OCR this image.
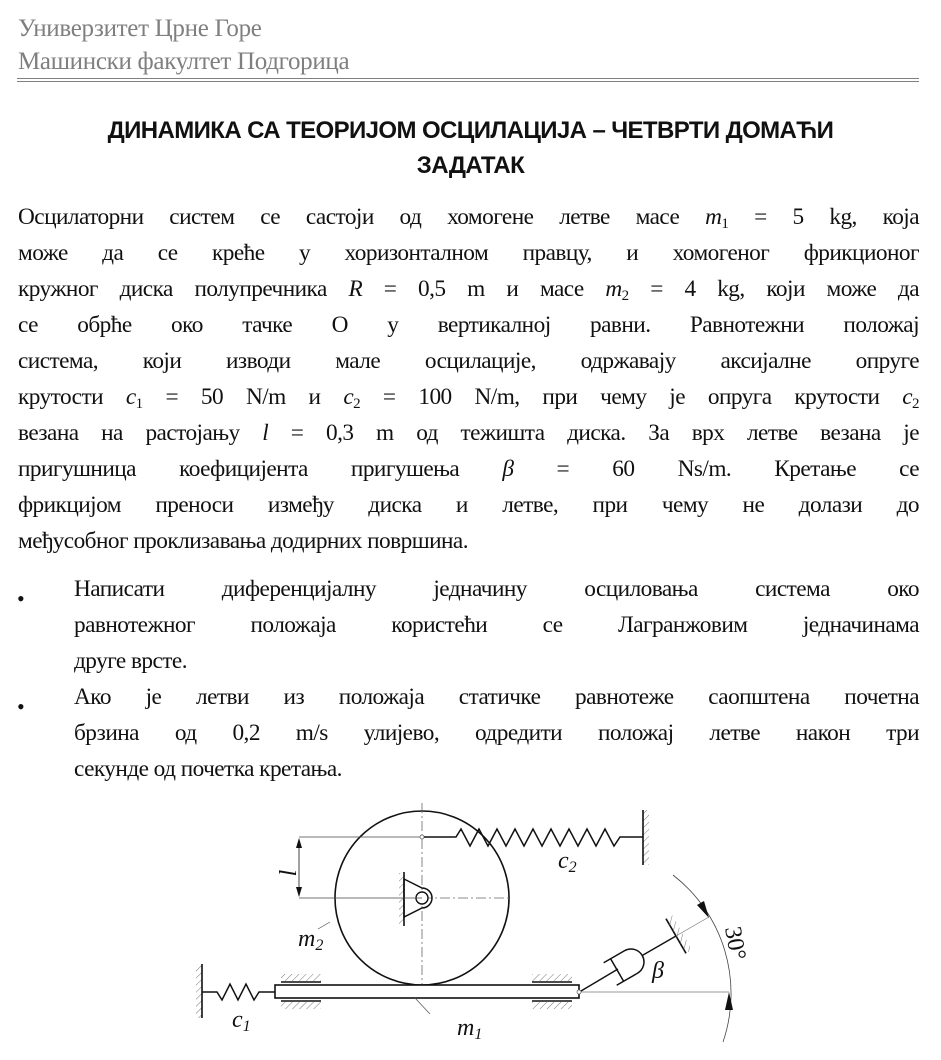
Универзитет Црне Горе
Машински факултет Подгорица
ДИНАМИКА СА ТЕОРИЈОМ ОСЦИЛАЦИЈА – ЧЕТВРТИ ДОМАЋИ
ЗАДАТАК
Осцилаторни систем се састоји од хомогене летве масе $m_1 = 5$ kg, која
може да се креће у хоризонталном правцу, и хомогеног фрикционог
кружног диска полупречника R = 0,5 m и масе $m_2 = 4$ kg, који може да
се обрће око тачке O у вертикалној равни. Равнотежни положај
система, који изводи мале осцилације, одржавају аксијалне опруге
крутости $c_1 = 50$ N/m и $c_2 = 100$ N/m, при чему је опруга крутости $c_2$
везана на растојању l = 0,3 m од тежишта диска. За врх летве везана је
пригушница коефицијента пригушења β = 60 Ns/m. Кретање се
фрикцијом преноси између диска и летве, при чему не долази до
међусобног проклизавања додирних површина.
• Написати диференцијалну једначину осциловања система око
равнотежног положаја користећи се Лагранжовим једначинама
друге врсте.
• Ако је летви из положаја статичке равнотеже саопштена почетна
брзина од 0,2 m/s улијево, одредити положај летве након три
секунде од почетка кретања.
l	c2
m2
m1
c1
β
30°
